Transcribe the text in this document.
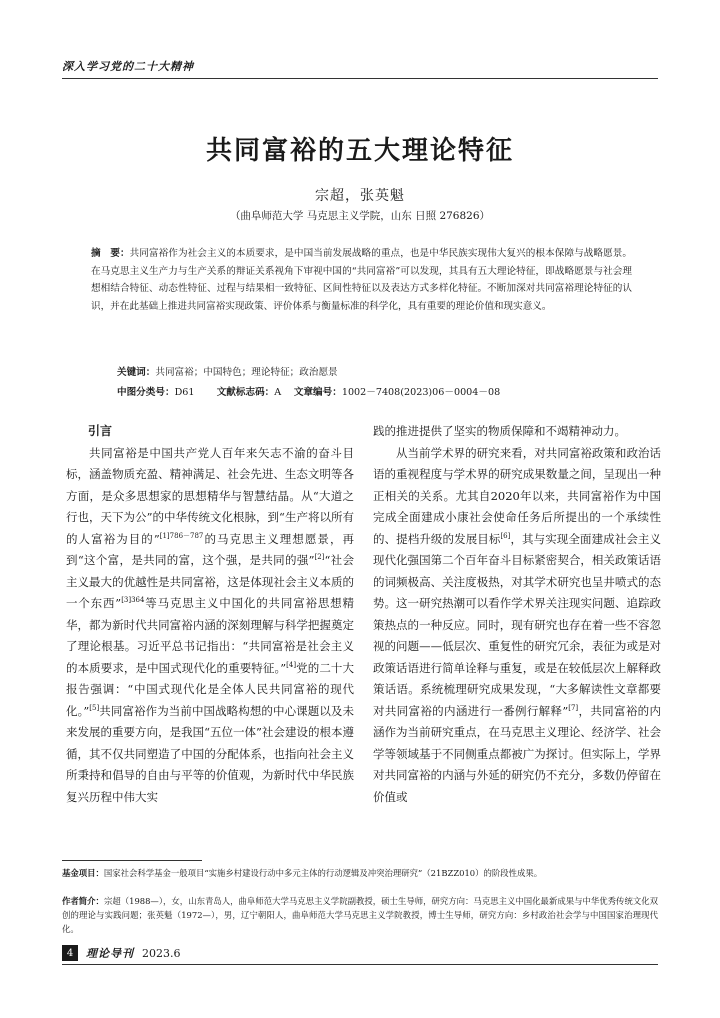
深入学习党的二十大精神
共同富裕的五大理论特征
宗超，张英魁
（曲阜师范大学 马克思主义学院，山东 日照 276826）
摘　要：共同富裕作为社会主义的本质要求，是中国当前发展战略的重点，也是中华民族实现伟大复兴的根本保障与战略愿景。在马克思主义生产力与生产关系的辩证关系视角下审视中国的“共同富裕”可以发现，其具有五大理论特征，即战略愿景与社会理想相结合特征、动态性特征、过程与结果相一致特征、区间性特征以及表达方式多样化特征。不断加深对共同富裕理论特征的认识，并在此基础上推进共同富裕实现政策、评价体系与衡量标准的科学化，具有重要的理论价值和现实意义。
关键词：共同富裕；中国特色；理论特征；政治愿景
中图分类号：D61    文献标志码：A   文章编号：1002－7408(2023)06－0004－08

引言

共同富裕是中国共产党人百年来矢志不渝的奋斗目标，涵盖物质充盈、精神满足、社会先进、生态文明等各方面，是众多思想家的思想精华与智慧结晶。从“大道之行也，天下为公”的中华传统文化根脉，到“生产将以所有的人富裕为目的”$^{[1]786-787}$的马克思主义理想愿景，再到“这个富，是共同的富，这个强，是共同的强”[2]“社会主义最大的优越性是共同富裕，这是体现社会主义本质的一个东西”$^{[3]364}$等马克思主义中国化的共同富裕思想精华，都为新时代共同富裕内涵的深刻理解与科学把握奠定了理论根基。习近平总书记指出：“共同富裕是社会主义的本质要求，是中国式现代化的重要特征。”[4]党的二十大报告强调：“中国式现代化是全体人民共同富裕的现代化。”[5]共同富裕作为当前中国战略构想的中心课题以及未来发展的重要方向，是我国“五位一体”社会建设的根本遵循，其不仅共同塑造了中国的分配体系，也指向社会主义所秉持和倡导的自由与平等的价值观，为新时代中华民族复兴历程中伟大实

践的推进提供了坚实的物质保障和不竭精神动力。

从当前学术界的研究来看，对共同富裕政策和政治话语的重视程度与学术界的研究成果数量之间，呈现出一种正相关的关系。尤其自2020年以来，共同富裕作为中国完成全面建成小康社会使命任务后所提出的一个承续性的、提档升级的发展目标[6]，其与实现全面建成社会主义现代化强国第二个百年奋斗目标紧密契合，相关政策话语的词频极高、关注度极热，对其学术研究也呈井喷式的态势。这一研究热潮可以看作学术界关注现实问题、追踪政策热点的一种反应。同时，现有研究也存在着一些不容忽视的问题——低层次、重复性的研究冗余，表征为或是对政策话语进行简单诠释与重复，或是在较低层次上解释政策话语。系统梳理研究成果发现，“大多解读性文章都要对共同富裕的内涵进行一番例行解释”[7]，共同富裕的内涵作为当前研究重点，在马克思主义理论、经济学、社会学等领域基于不同侧重点都被广为探讨。但实际上，学界对共同富裕的内涵与外延的研究仍不充分，多数仍停留在价值或

基金项目：国家社会科学基金一般项目“实施乡村建设行动中多元主体的行动逻辑及冲突治理研究”（21BZZ010）的阶段性成果。
作者简介：宗超（1988—），女，山东青岛人，曲阜师范大学马克思主义学院副教授，硕士生导师，研究方向：马克思主义中国化最新成果与中华优秀传统文化双创的理论与实践问题；张英魁（1972—），男，辽宁朝阳人，曲阜师范大学马克思主义学院教授，博士生导师，研究方向：乡村政治社会学与中国国家治理现代化。
4	理论导刊 2023.6
